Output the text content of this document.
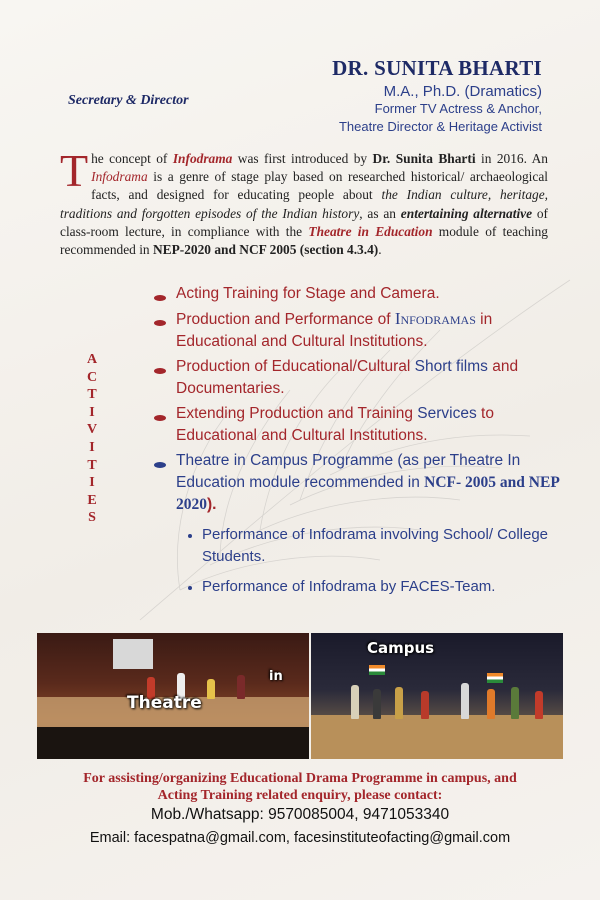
DR. SUNITA BHARTI
M.A., Ph.D. (Dramatics)
Former TV Actress & Anchor,
Theatre Director & Heritage Activist
Secretary & Director
The concept of Infodrama was first introduced by Dr. Sunita Bharti in 2016. An Infodrama is a genre of stage play based on researched historical/ archaeological facts, and designed for educating people about the Indian culture, heritage, traditions and forgotten episodes of the Indian history, as an entertaining alternative of class-room lecture, in compliance with the Theatre in Education module of teaching recommended in NEP-2020 and NCF 2005 (section 4.3.4).
A
C
T
I
V
I
T
I
E
S
Acting Training for Stage and Camera.
Production and Performance of Infodramas in Educational and Cultural Institutions.
Production of Educational/Cultural Short films and Documentaries.
Extending Production and Training Services to Educational and Cultural Institutions.
Theatre in Campus Programme (as per Theatre In Education module recommended in NCF- 2005 and NEP 2020).
Performance of Infodrama involving School/ College Students.
Performance of Infodrama by FACES-Team.
Theatre
in
Campus
For assisting/organizing Educational Drama Programme in campus, and
Acting Training related enquiry, please contact:
Mob./Whatsapp: 9570085004, 9471053340
Email: facespatna@gmail.com, facesinstituteofacting@gmail.com
